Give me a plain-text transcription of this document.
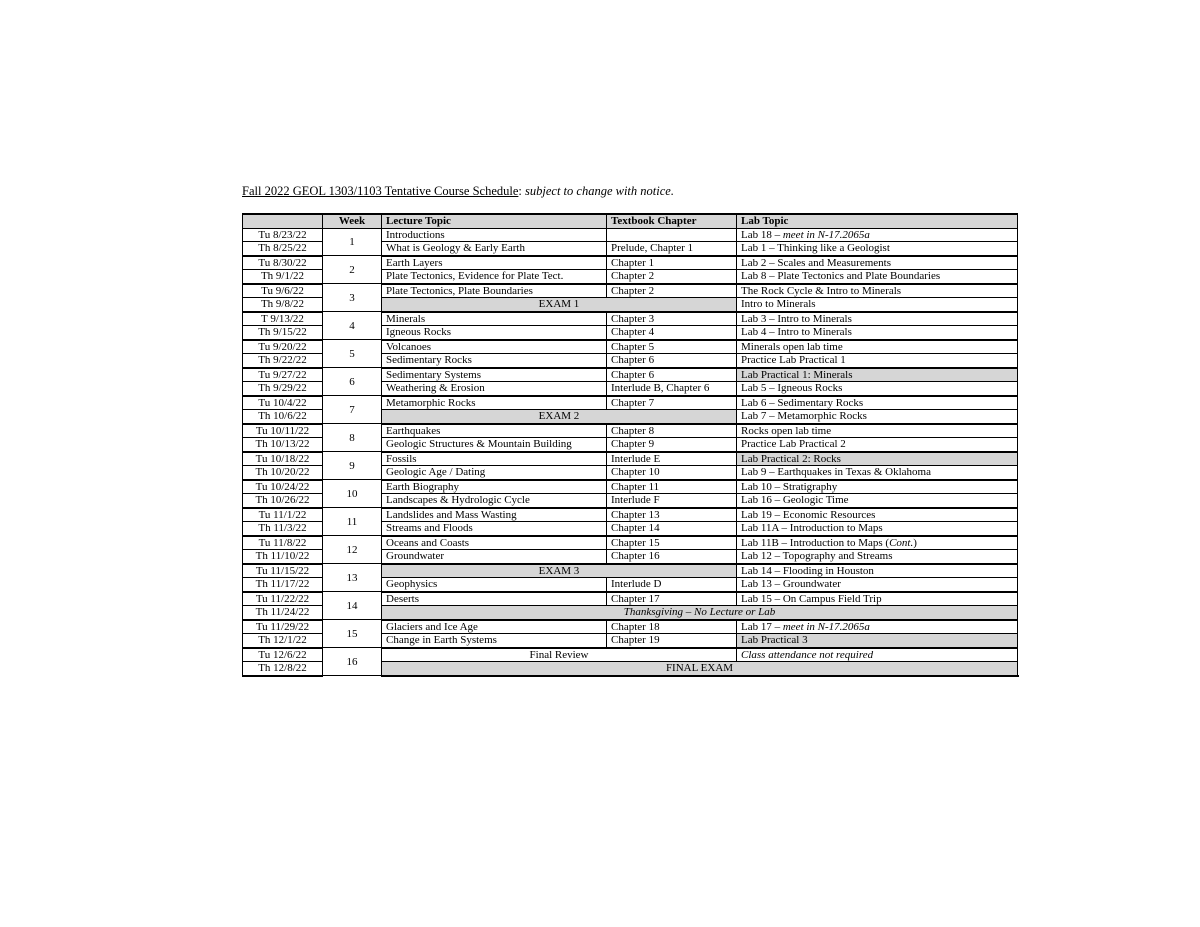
Fall 2022 GEOL 1303/1103 Tentative Course Schedule: subject to change with notice.
	Week	Lecture Topic	Textbook Chapter	Lab Topic
Tu 8/23/22	1	Introductions		Lab 18 – meet in N-17.2065a
Th 8/25/22		What is Geology & Early Earth	Prelude, Chapter 1	Lab 1 – Thinking like a Geologist
Tu 8/30/22	2	Earth Layers	Chapter 1	Lab 2 – Scales and Measurements
Th 9/1/22		Plate Tectonics, Evidence for Plate Tect.	Chapter 2	Lab 8 – Plate Tectonics and Plate Boundaries
Tu 9/6/22	3	Plate Tectonics, Plate Boundaries	Chapter 2	The Rock Cycle & Intro to Minerals
Th 9/8/22		EXAM 1		Intro to Minerals
T 9/13/22	4	Minerals	Chapter 3	Lab 3 – Intro to Minerals
Th 9/15/22		Igneous Rocks	Chapter 4	Lab 4 – Intro to Minerals
Tu 9/20/22	5	Volcanoes	Chapter 5	Minerals open lab time
Th 9/22/22		Sedimentary Rocks	Chapter 6	Practice Lab Practical 1
Tu 9/27/22	6	Sedimentary Systems	Chapter 6	Lab Practical 1: Minerals
Th 9/29/22		Weathering & Erosion	Interlude B, Chapter 6	Lab 5 – Igneous Rocks
Tu 10/4/22	7	Metamorphic Rocks	Chapter 7	Lab 6 – Sedimentary Rocks
Th 10/6/22		EXAM 2		Lab 7 – Metamorphic Rocks
Tu 10/11/22	8	Earthquakes	Chapter 8	Rocks open lab time
Th 10/13/22		Geologic Structures & Mountain Building	Chapter 9	Practice Lab Practical 2
Tu 10/18/22	9	Fossils	Interlude E	Lab Practical 2: Rocks
Th 10/20/22		Geologic Age / Dating	Chapter 10	Lab 9 – Earthquakes in Texas & Oklahoma
Tu 10/24/22	10	Earth Biography	Chapter 11	Lab 10 – Stratigraphy
Th 10/26/22		Landscapes & Hydrologic Cycle	Interlude F	Lab 16 – Geologic Time
Tu 11/1/22	11	Landslides and Mass Wasting	Chapter 13	Lab 19 – Economic Resources
Th 11/3/22		Streams and Floods	Chapter 14	Lab 11A – Introduction to Maps
Tu 11/8/22	12	Oceans and Coasts	Chapter 15	Lab 11B – Introduction to Maps (Cont.)
Th 11/10/22		Groundwater	Chapter 16	Lab 12 – Topography and Streams
Tu 11/15/22	13	EXAM 3		Lab 14 – Flooding in Houston
Th 11/17/22		Geophysics	Interlude D	Lab 13 – Groundwater
Tu 11/22/22	14	Deserts	Chapter 17	Lab 15 – On Campus Field Trip
Th 11/24/22		Thanksgiving – No Lecture or Lab		
Tu 11/29/22	15	Glaciers and Ice Age	Chapter 18	Lab 17 – meet in N-17.2065a
Th 12/1/22		Change in Earth Systems	Chapter 19	Lab Practical 3
Tu 12/6/22	16	Final Review		Class attendance not required
Th 12/8/22		FINAL EXAM		
